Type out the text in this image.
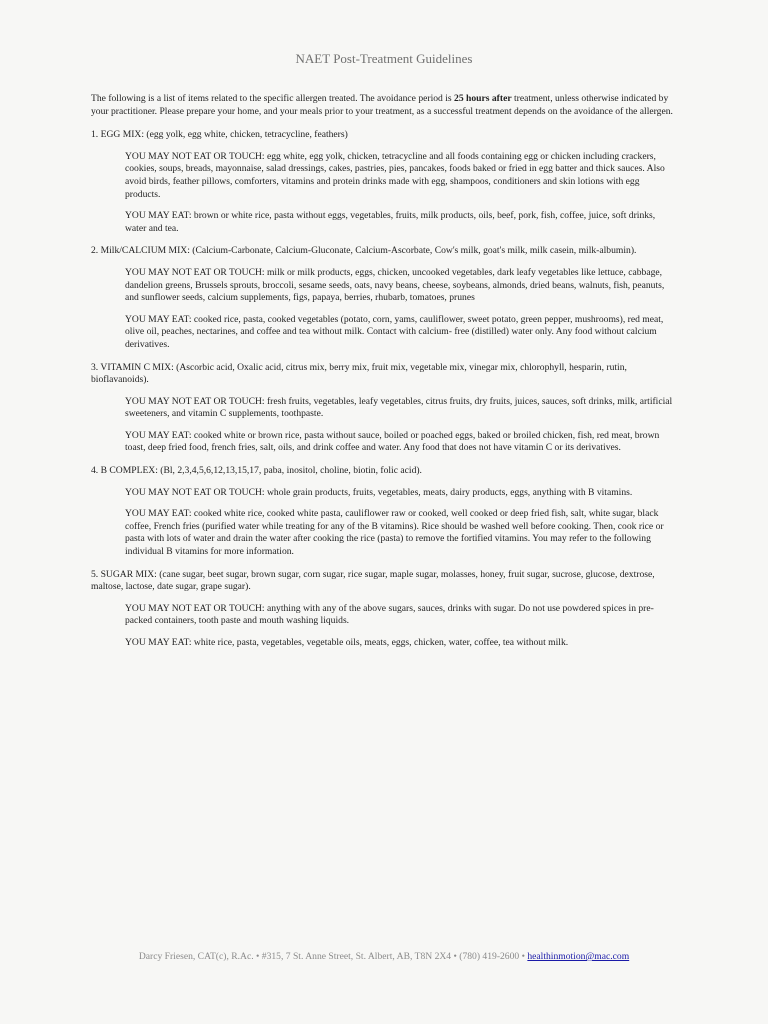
NAET Post-Treatment Guidelines

The following is a list of items related to the specific allergen treated. The avoidance period is 25 hours after treatment, unless otherwise indicated by your practitioner. Please prepare your home, and your meals prior to your treatment, as a successful treatment depends on the avoidance of the allergen.

1. EGG MIX: (egg yolk, egg white, chicken, tetracycline, feathers)

YOU MAY NOT EAT OR TOUCH: egg white, egg yolk, chicken, tetracycline and all foods containing egg or chicken including crackers, cookies, soups, breads, mayonnaise, salad dressings, cakes, pastries, pies, pancakes, foods baked or fried in egg batter and thick sauces. Also avoid birds, feather pillows, comforters, vitamins and protein drinks made with egg, shampoos, conditioners and skin lotions with egg products.

YOU MAY EAT: brown or white rice, pasta without eggs, vegetables, fruits, milk products, oils, beef, pork, fish, coffee, juice, soft drinks, water and tea.

2. Milk/CALCIUM MIX: (Calcium-Carbonate, Calcium-Gluconate, Calcium-Ascorbate, Cow's milk, goat's milk, milk casein, milk-albumin).

YOU MAY NOT EAT OR TOUCH: milk or milk products, eggs, chicken, uncooked vegetables, dark leafy vegetables like lettuce, cabbage, dandelion greens, Brussels sprouts, broccoli, sesame seeds, oats, navy beans, cheese, soybeans, almonds, dried beans, walnuts, fish, peanuts, and sunflower seeds, calcium supplements, figs, papaya, berries, rhubarb, tomatoes, prunes

YOU MAY EAT: cooked rice, pasta, cooked vegetables (potato, corn, yams, cauliflower, sweet potato, green pepper, mushrooms), red meat, olive oil, peaches, nectarines, and coffee and tea without milk. Contact with calcium- free (distilled) water only. Any food without calcium derivatives.

3. VITAMIN C MIX: (Ascorbic acid, Oxalic acid, citrus mix, berry mix, fruit mix, vegetable mix, vinegar mix, chlorophyll, hesparin, rutin, bioflavanoids).

YOU MAY NOT EAT OR TOUCH: fresh fruits, vegetables, leafy vegetables, citrus fruits, dry fruits, juices, sauces, soft drinks, milk, artificial sweeteners, and vitamin C supplements, toothpaste.

YOU MAY EAT: cooked white or brown rice, pasta without sauce, boiled or poached eggs, baked or broiled chicken, fish, red meat, brown toast, deep fried food, french fries, salt, oils, and drink coffee and water. Any food that does not have vitamin C or its derivatives.

4. B COMPLEX: (Bl, 2,3,4,5,6,12,13,15,17, paba, inositol, choline, biotin, folic acid).

YOU MAY NOT EAT OR TOUCH: whole grain products, fruits, vegetables, meats, dairy products, eggs, anything with B vitamins.

YOU MAY EAT: cooked white rice, cooked white pasta, cauliflower raw or cooked, well cooked or deep fried fish, salt, white sugar, black coffee, French fries (purified water while treating for any of the B vitamins). Rice should be washed well before cooking. Then, cook rice or pasta with lots of water and drain the water after cooking the rice (pasta) to remove the fortified vitamins. You may refer to the following individual B vitamins for more information.

5. SUGAR MIX: (cane sugar, beet sugar, brown sugar, corn sugar, rice sugar, maple sugar, molasses, honey, fruit sugar, sucrose, glucose, dextrose, maltose, lactose, date sugar, grape sugar).

YOU MAY NOT EAT OR TOUCH: anything with any of the above sugars, sauces, drinks with sugar. Do not use powdered spices in pre-packed containers, tooth paste and mouth washing liquids.

YOU MAY EAT: white rice, pasta, vegetables, vegetable oils, meats, eggs, chicken, water, coffee, tea without milk.

Darcy Friesen, CAT(c), R.Ac. • #315, 7 St. Anne Street, St. Albert, AB, T8N 2X4 • (780) 419-2600 • healthinmotion@mac.com
